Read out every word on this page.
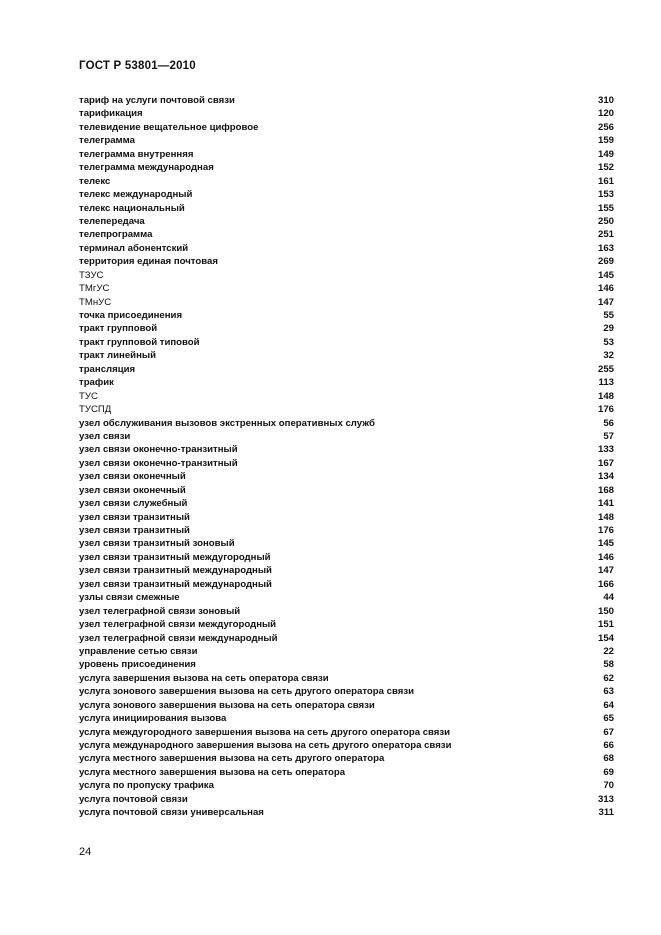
ГОСТ Р 53801—2010
тариф на услуги почтовой связи	310
тарификация	120
телевидение вещательное цифровое	256
телеграмма	159
телеграмма внутренняя	149
телеграмма международная	152
телекс	161
телекс международный	153
телекс национальный	155
телепередача	250
телепрограмма	251
терминал абонентский	163
территория единая почтовая	269
ТЗУС	145
ТМгУС	146
ТМнУС	147
точка присоединения	55
тракт групповой	29
тракт групповой типовой	53
тракт линейный	32
трансляция	255
трафик	113
ТУС	148
ТУСПД	176
узел обслуживания вызовов экстренных оперативных служб	56
узел связи	57
узел связи оконечно-транзитный	133
узел связи оконечно-транзитный	167
узел связи оконечный	134
узел связи оконечный	168
узел связи служебный	141
узел связи транзитный	148
узел связи транзитный	176
узел связи транзитный зоновый	145
узел связи транзитный междугородный	146
узел связи транзитный международный	147
узел связи транзитный международный	166
узлы связи смежные	44
узел телеграфной связи зоновый	150
узел телеграфной связи междугородный	151
узел телеграфной связи международный	154
управление сетью связи	22
уровень присоединения	58
услуга завершения вызова на сеть оператора связи	62
услуга зонового завершения вызова на сеть другого оператора связи	63
услуга зонового завершения вызова на сеть оператора связи	64
услуга инициирования вызова	65
услуга междугородного завершения вызова на сеть другого оператора связи	67
услуга международного завершения вызова на сеть другого оператора связи	66
услуга местного завершения вызова на сеть другого оператора	68
услуга местного завершения вызова на сеть оператора	69
услуга по пропуску трафика	70
услуга почтовой связи	313
услуга почтовой связи универсальная	311
24
